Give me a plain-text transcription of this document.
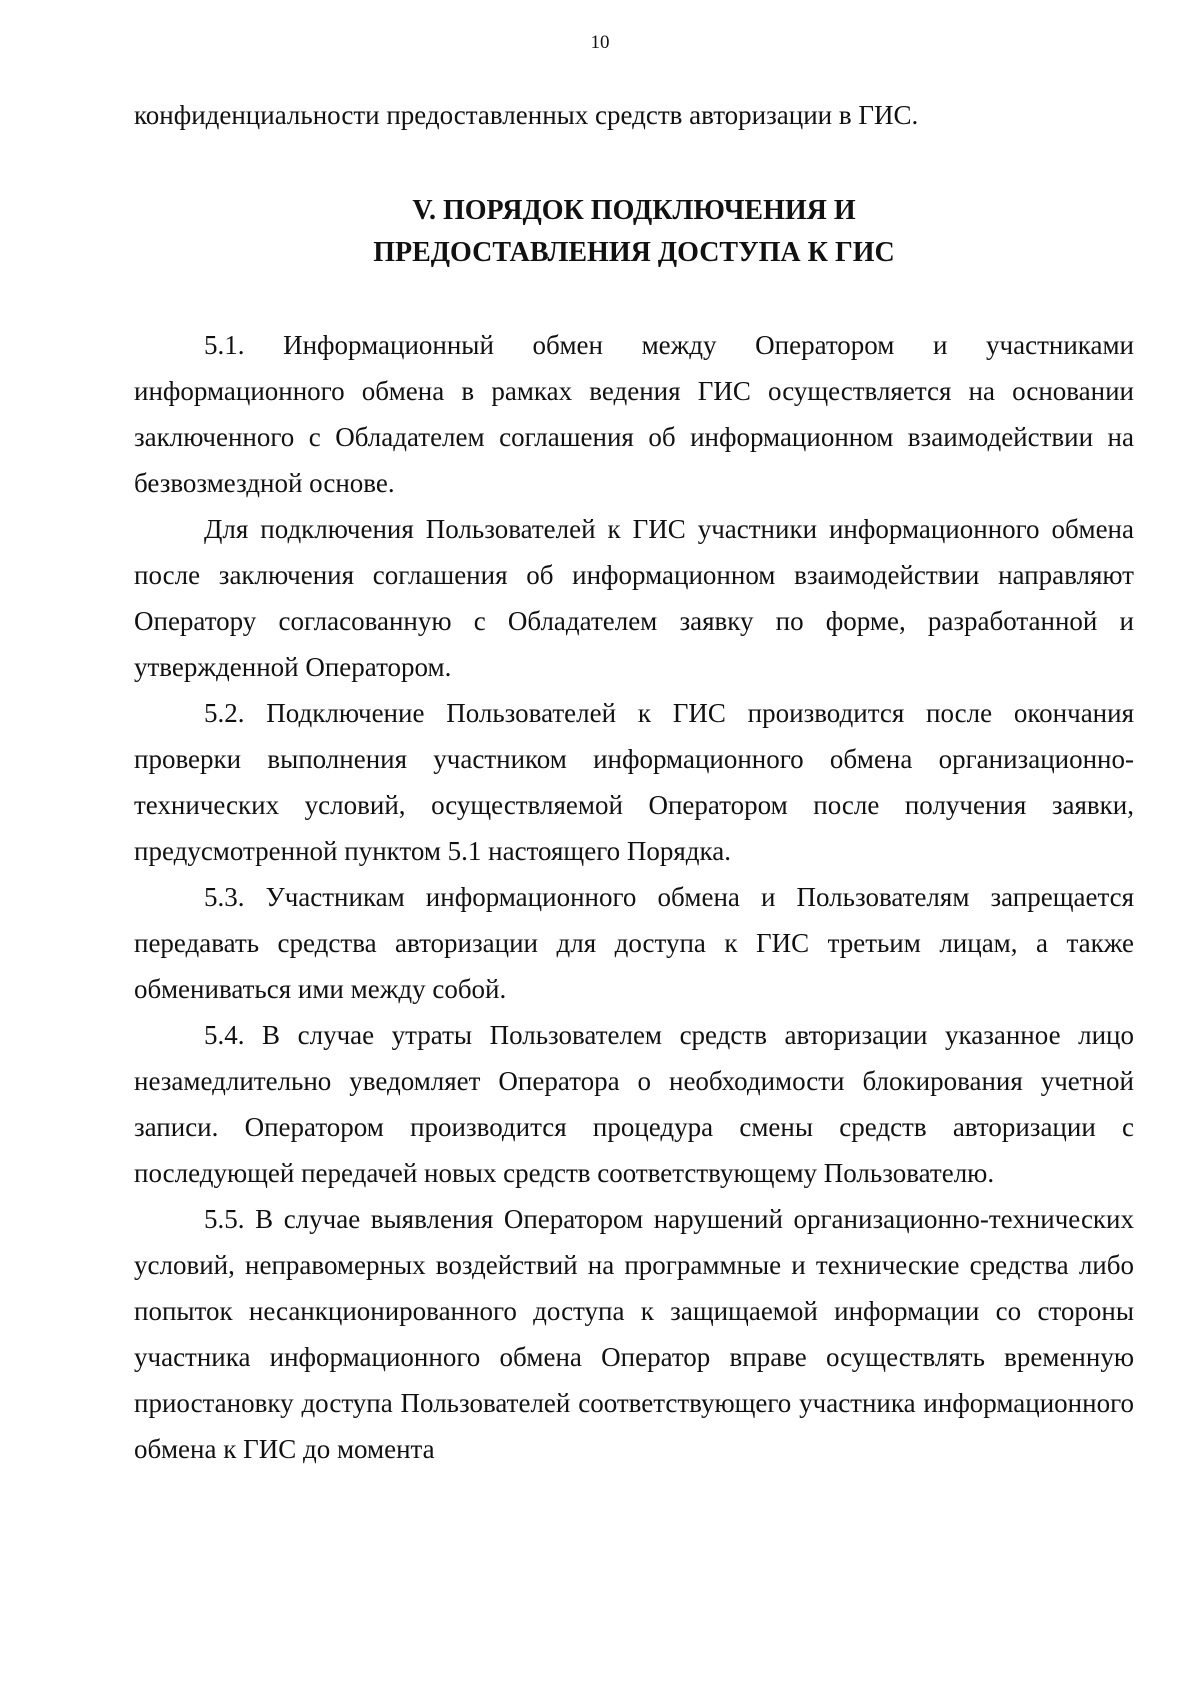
10

конфиденциальности предоставленных средств авторизации в ГИС.

V. ПОРЯДОК ПОДКЛЮЧЕНИЯ И
ПРЕДОСТАВЛЕНИЯ ДОСТУПА К ГИС

5.1. Информационный обмен между Оператором и участниками информационного обмена в рамках ведения ГИС осуществляется на основании заключенного с Обладателем соглашения об информационном взаимодействии на безвозмездной основе.

Для подключения Пользователей к ГИС участники информационного обмена после заключения соглашения об информационном взаимодействии направляют Оператору согласованную с Обладателем заявку по форме, разработанной и утвержденной Оператором.

5.2. Подключение Пользователей к ГИС производится после окончания проверки выполнения участником информационного обмена организационно-технических условий, осуществляемой Оператором после получения заявки, предусмотренной пунктом 5.1 настоящего Порядка.

5.3. Участникам информационного обмена и Пользователям запрещается передавать средства авторизации для доступа к ГИС третьим лицам, а также обмениваться ими между собой.

5.4. В случае утраты Пользователем средств авторизации указанное лицо незамедлительно уведомляет Оператора о необходимости блокирования учетной записи. Оператором производится процедура смены средств авторизации с последующей передачей новых средств соответствующему Пользователю.

5.5. В случае выявления Оператором нарушений организационно-технических условий, неправомерных воздействий на программные и технические средства либо попыток несанкционированного доступа к защищаемой информации со стороны участника информационного обмена Оператор вправе осуществлять временную приостановку доступа Пользователей соответствующего участника информационного обмена к ГИС до момента
